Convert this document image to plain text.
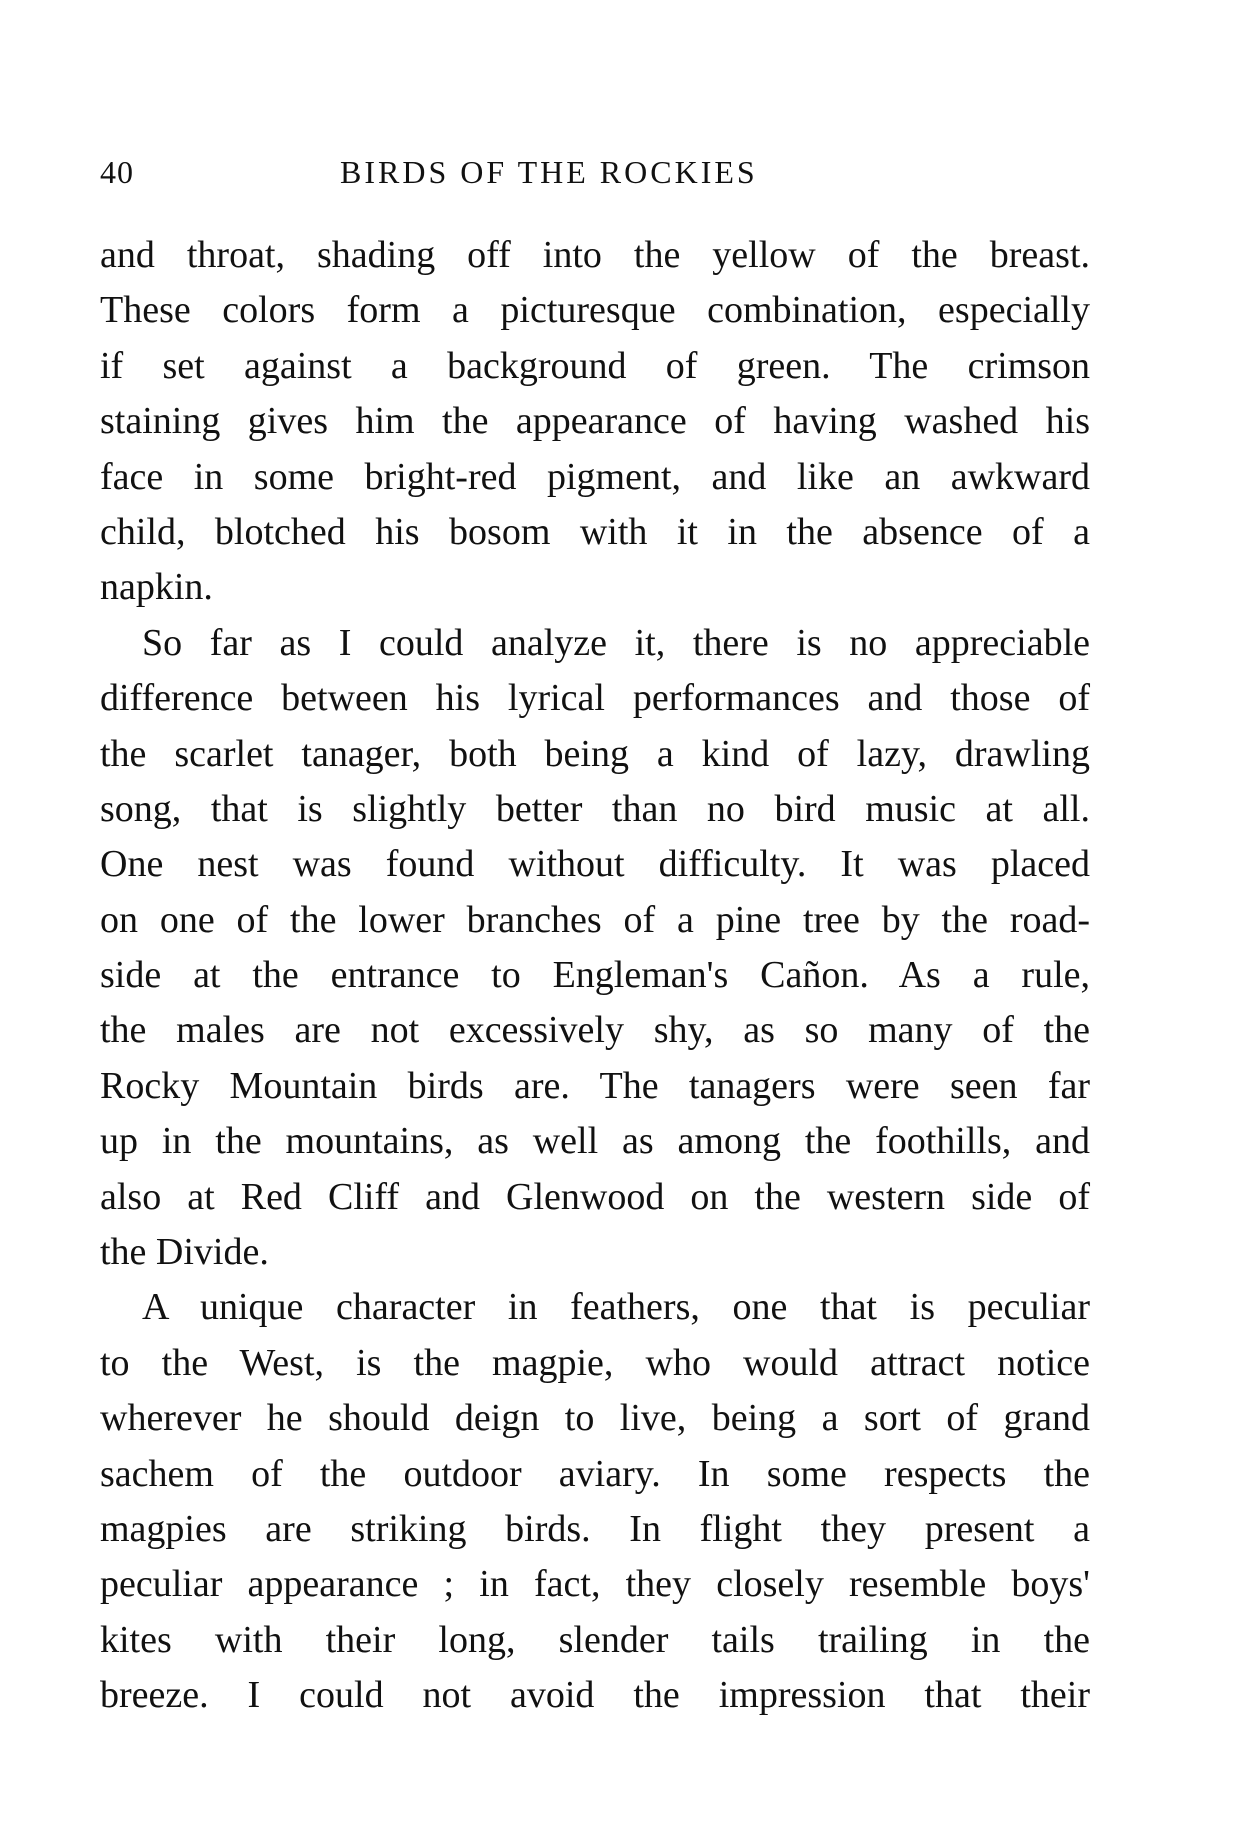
40	BIRDS OF THE ROCKIES
and throat, shading off into the yellow of the breast.
These colors form a picturesque combination, especially
if set against a background of green. The crimson
staining gives him the appearance of having washed his
face in some bright-red pigment, and like an awkward
child, blotched his bosom with it in the absence of a
napkin.
So far as I could analyze it, there is no appreciable
difference between his lyrical performances and those of
the scarlet tanager, both being a kind of lazy, drawling
song, that is slightly better than no bird music at all.
One nest was found without difficulty. It was placed
on one of the lower branches of a pine tree by the road-
side at the entrance to Engleman's Cañon. As a rule,
the males are not excessively shy, as so many of the
Rocky Mountain birds are. The tanagers were seen far
up in the mountains, as well as among the foothills, and
also at Red Cliff and Glenwood on the western side of
the Divide.
A unique character in feathers, one that is peculiar
to the West, is the magpie, who would attract notice
wherever he should deign to live, being a sort of grand
sachem of the outdoor aviary. In some respects the
magpies are striking birds. In flight they present a
peculiar appearance ; in fact, they closely resemble boys'
kites with their long, slender tails trailing in the
breeze. I could not avoid the impression that their
